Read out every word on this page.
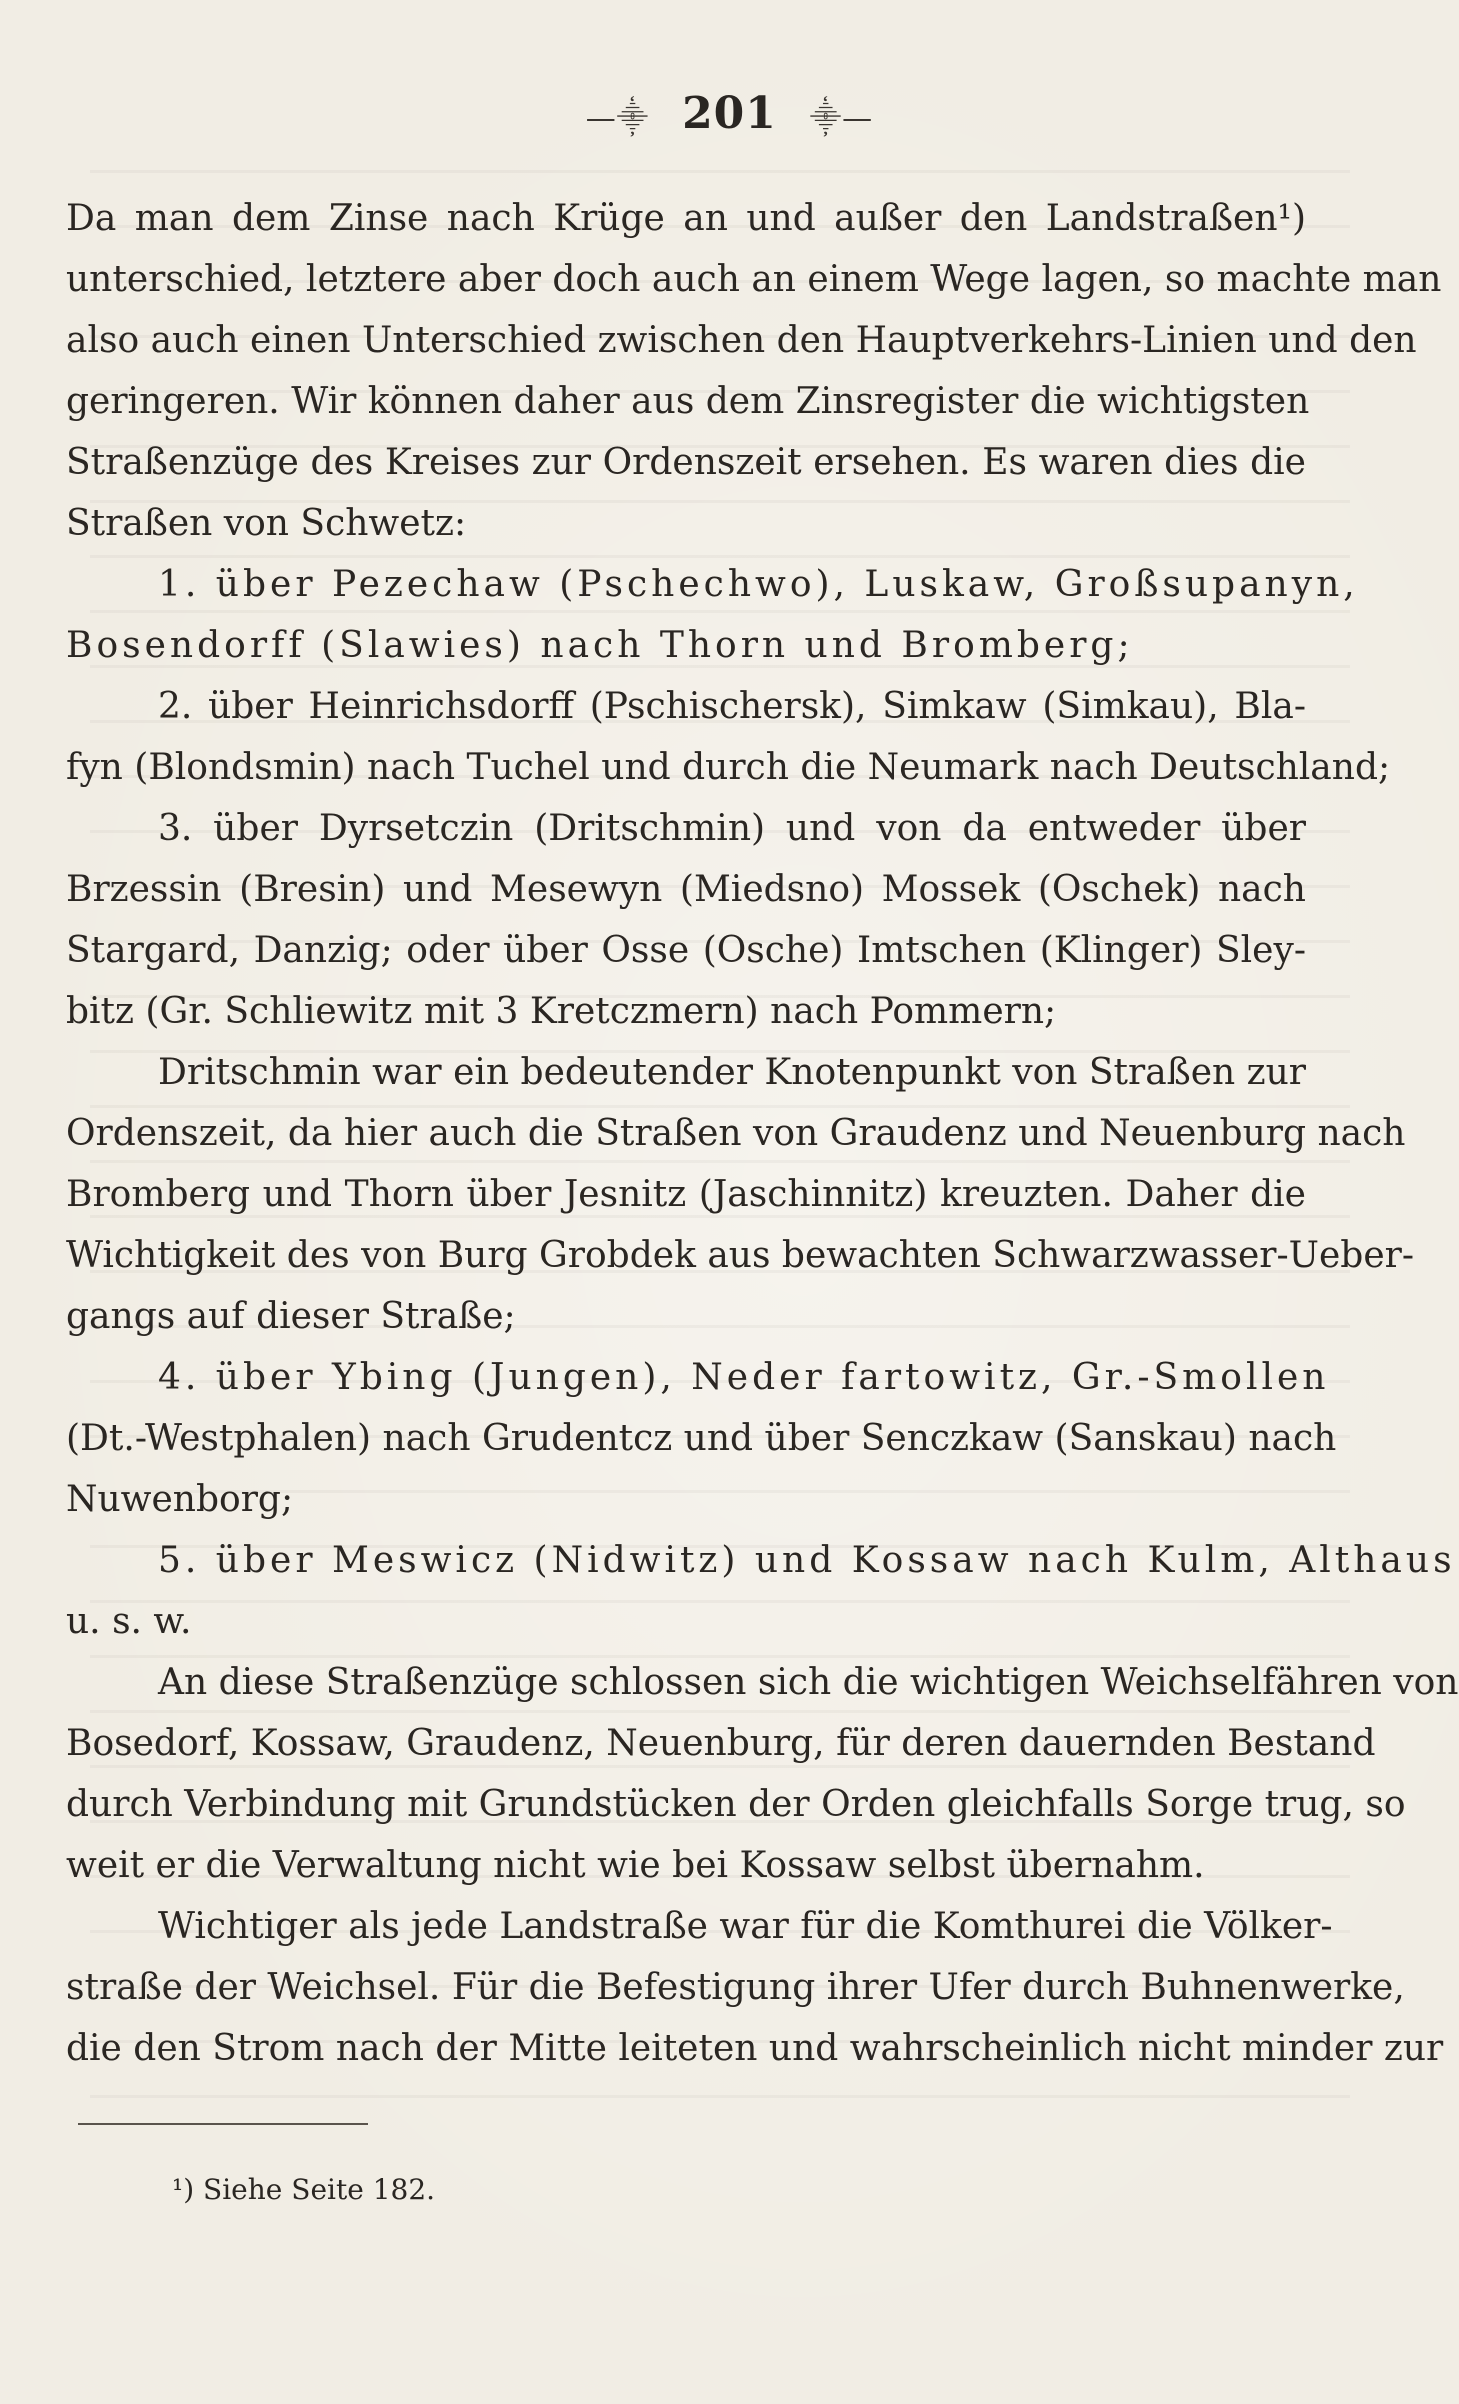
—⸎ 201 ⸎—
Da man dem Zinse nach Krüge an und außer den Landstraßen¹)
unterschied, letztere aber doch auch an einem Wege lagen, so machte man
also auch einen Unterschied zwischen den Hauptverkehrs-Linien und den
geringeren. Wir können daher aus dem Zinsregister die wichtigsten
Straßenzüge des Kreises zur Ordenszeit ersehen. Es waren dies die
Straßen von Schwetz:
1. über Pezechaw (Pschechwo), Luskaw, Großsupanyn,
Bosendorff (Slawies) nach Thorn und Bromberg;
2. über Heinrichsdorff (Pschischersk), Simkaw (Simkau), Bla-
fyn (Blondsmin) nach Tuchel und durch die Neumark nach Deutschland;
3. über Dyrsetczin (Dritschmin) und von da entweder über
Brzessin (Bresin) und Mesewyn (Miedsno) Mossek (Oschek) nach
Stargard, Danzig; oder über Osse (Osche) Imtschen (Klinger) Sley-
bitz (Gr. Schliewitz mit 3 Kretczmern) nach Pommern;
Dritschmin war ein bedeutender Knotenpunkt von Straßen zur
Ordenszeit, da hier auch die Straßen von Graudenz und Neuenburg nach
Bromberg und Thorn über Jesnitz (Jaschinnitz) kreuzten. Daher die
Wichtigkeit des von Burg Grobdek aus bewachten Schwarzwasser-Ueber-
gangs auf dieser Straße;
4. über Ybing (Jungen), Neder fartowitz, Gr.-Smollen
(Dt.-Westphalen) nach Grudentcz und über Senczkaw (Sanskau) nach
Nuwenborg;
5. über Meswicz (Nidwitz) und Kossaw nach Kulm, Althaus
u. s. w.
An diese Straßenzüge schlossen sich die wichtigen Weichselfähren von
Bosedorf, Kossaw, Graudenz, Neuenburg, für deren dauernden Bestand
durch Verbindung mit Grundstücken der Orden gleichfalls Sorge trug, so
weit er die Verwaltung nicht wie bei Kossaw selbst übernahm.
Wichtiger als jede Landstraße war für die Komthurei die Völker-
straße der Weichsel. Für die Befestigung ihrer Ufer durch Buhnenwerke,
die den Strom nach der Mitte leiteten und wahrscheinlich nicht minder zur
¹) Siehe Seite 182.
